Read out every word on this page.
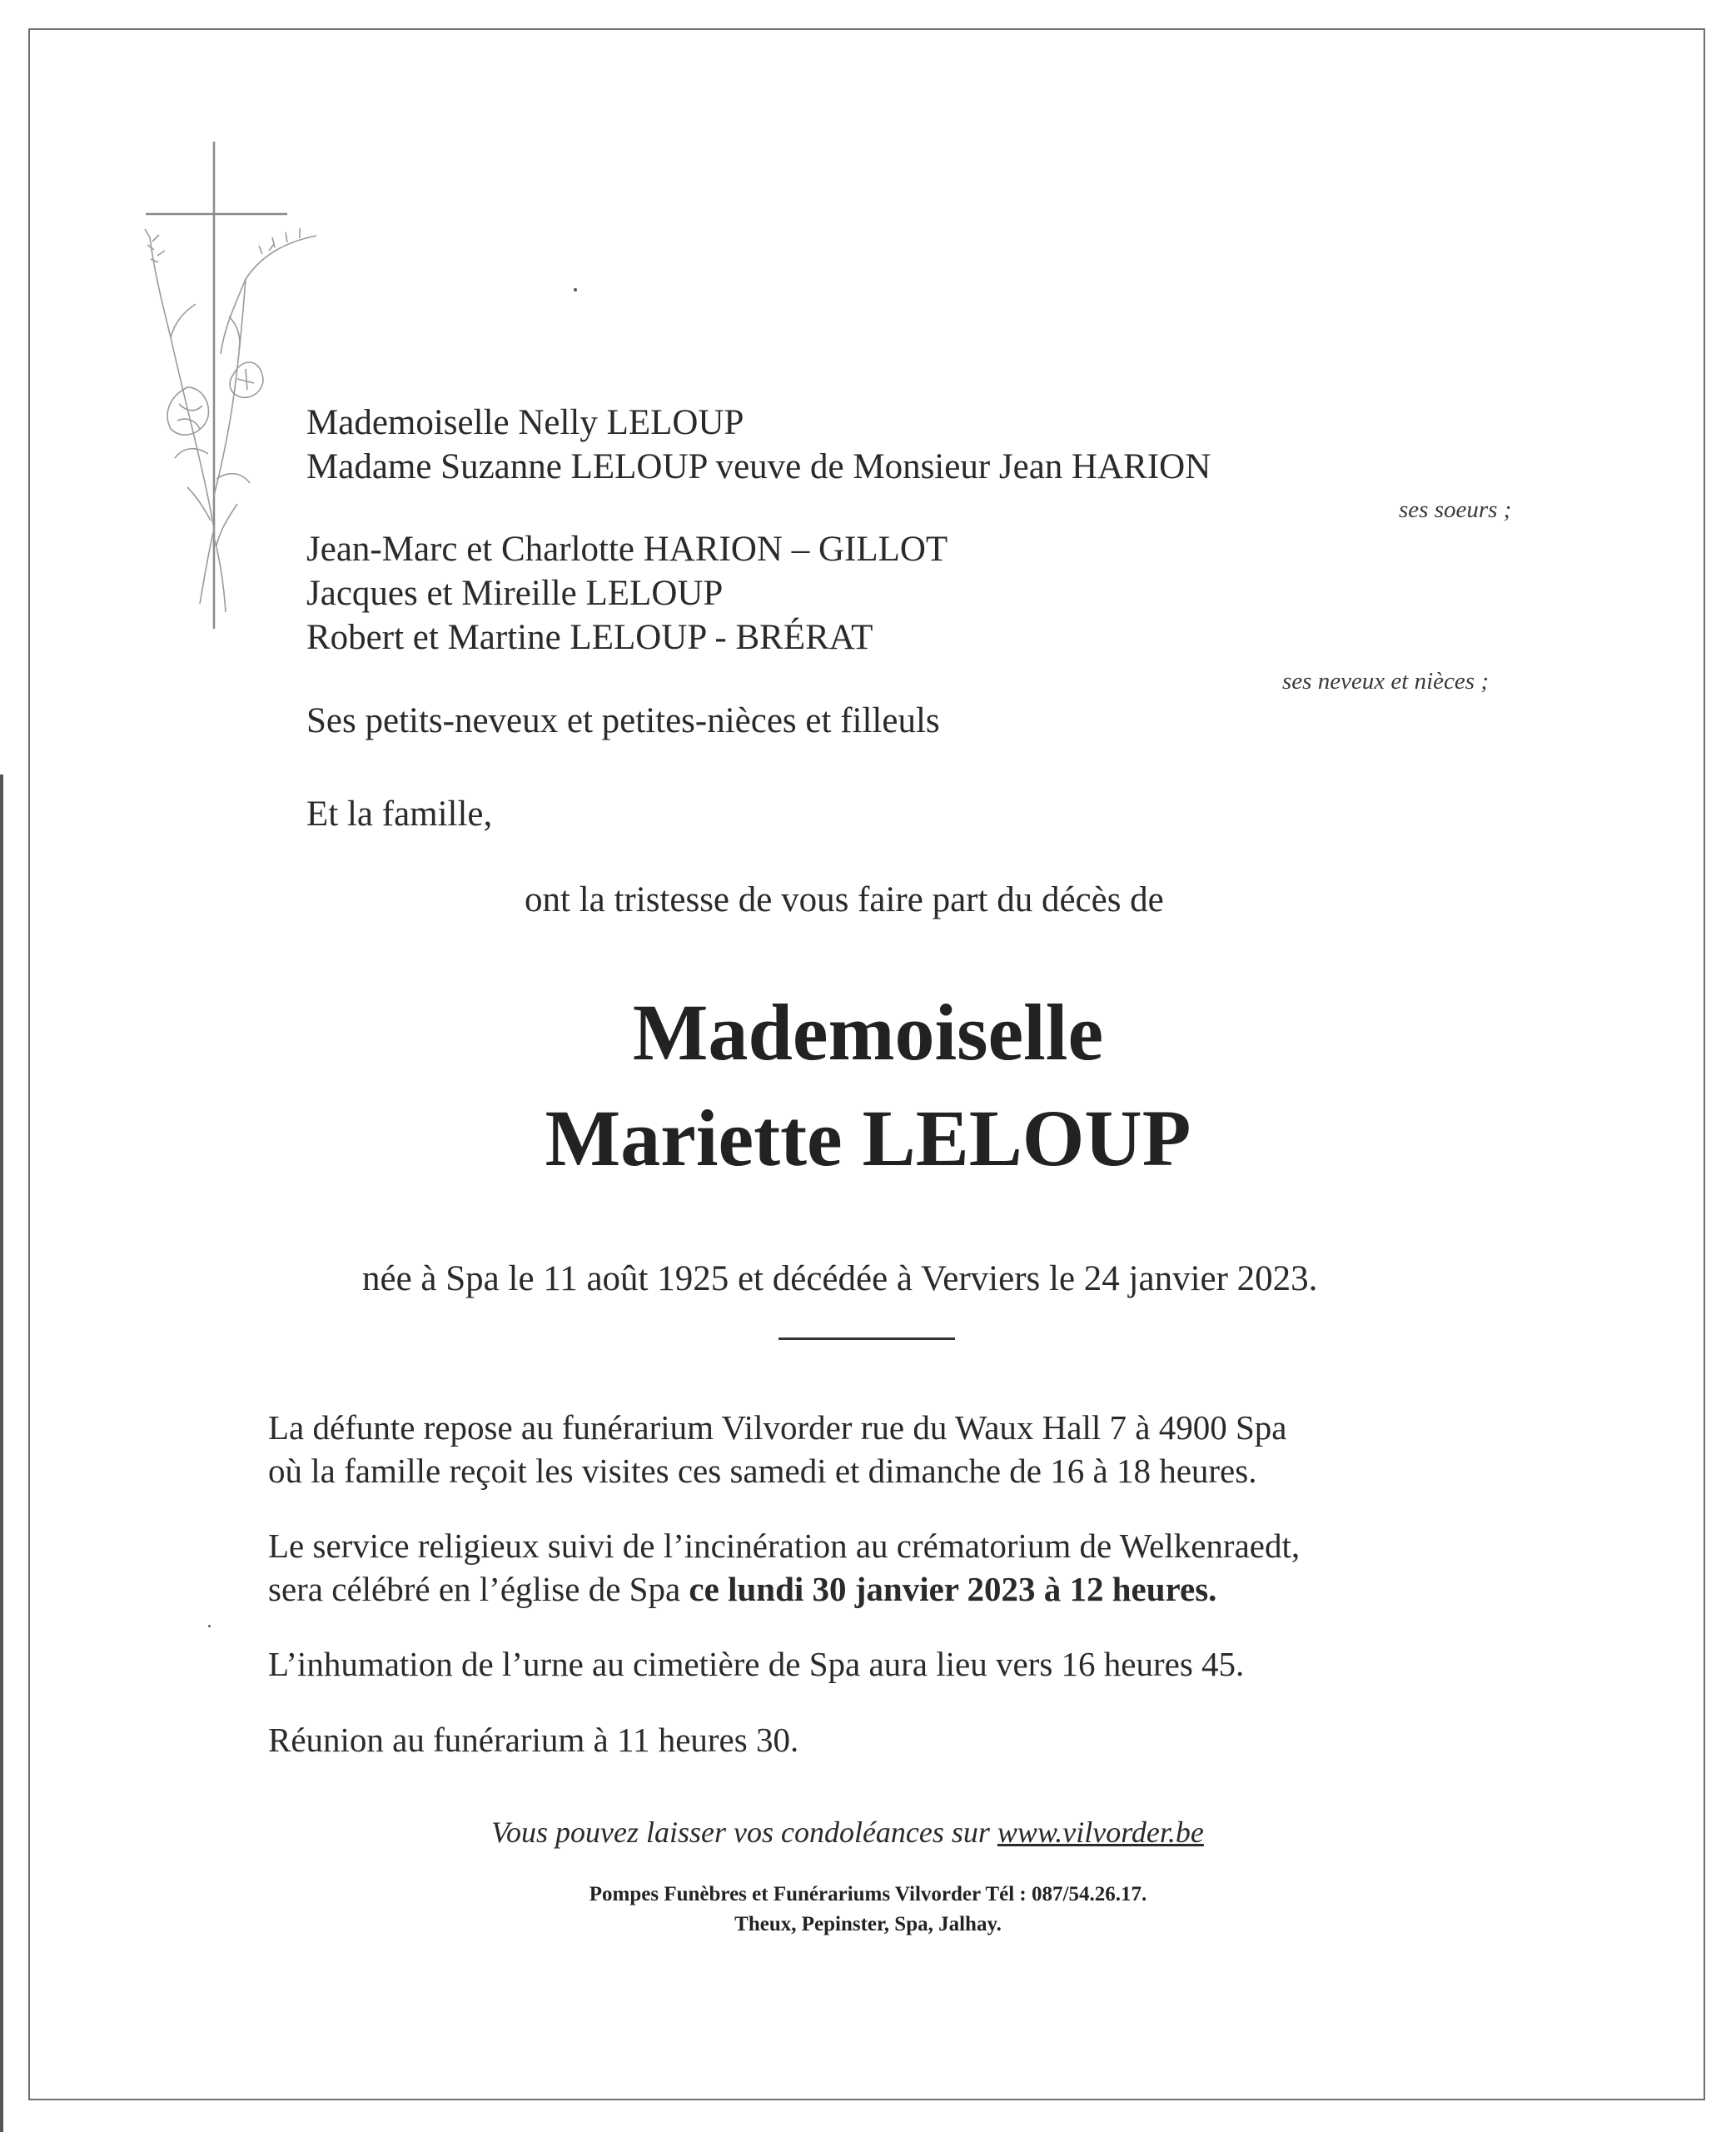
Mademoiselle Nelly LELOUP
Madame Suzanne LELOUP veuve de Monsieur Jean HARION
ses soeurs ;
Jean-Marc et Charlotte HARION – GILLOT
Jacques et Mireille LELOUP
Robert et Martine LELOUP - BRÉRAT
ses neveux et nièces ;
Ses petits-neveux et petites-nièces et filleuls
Et la famille,
ont la tristesse de vous faire part du décès de
Mademoiselle
Mariette LELOUP
née à Spa le 11 août 1925 et décédée à Verviers le 24 janvier 2023.
La défunte repose au funérarium Vilvorder rue du Waux Hall 7 à 4900 Spa
où la famille reçoit les visites ces samedi et dimanche de 16 à 18 heures.
Le service religieux suivi de l’incinération au crématorium de Welkenraedt,
sera célébré en l’église de Spa ce lundi 30 janvier 2023 à 12 heures.
L’inhumation de l’urne au cimetière de Spa aura lieu vers 16 heures 45.
Réunion au funérarium à 11 heures 30.
Vous pouvez laisser vos condoléances sur www.vilvorder.be
Pompes Funèbres et Funérariums Vilvorder Tél : 087/54.26.17.
Theux, Pepinster, Spa, Jalhay.
